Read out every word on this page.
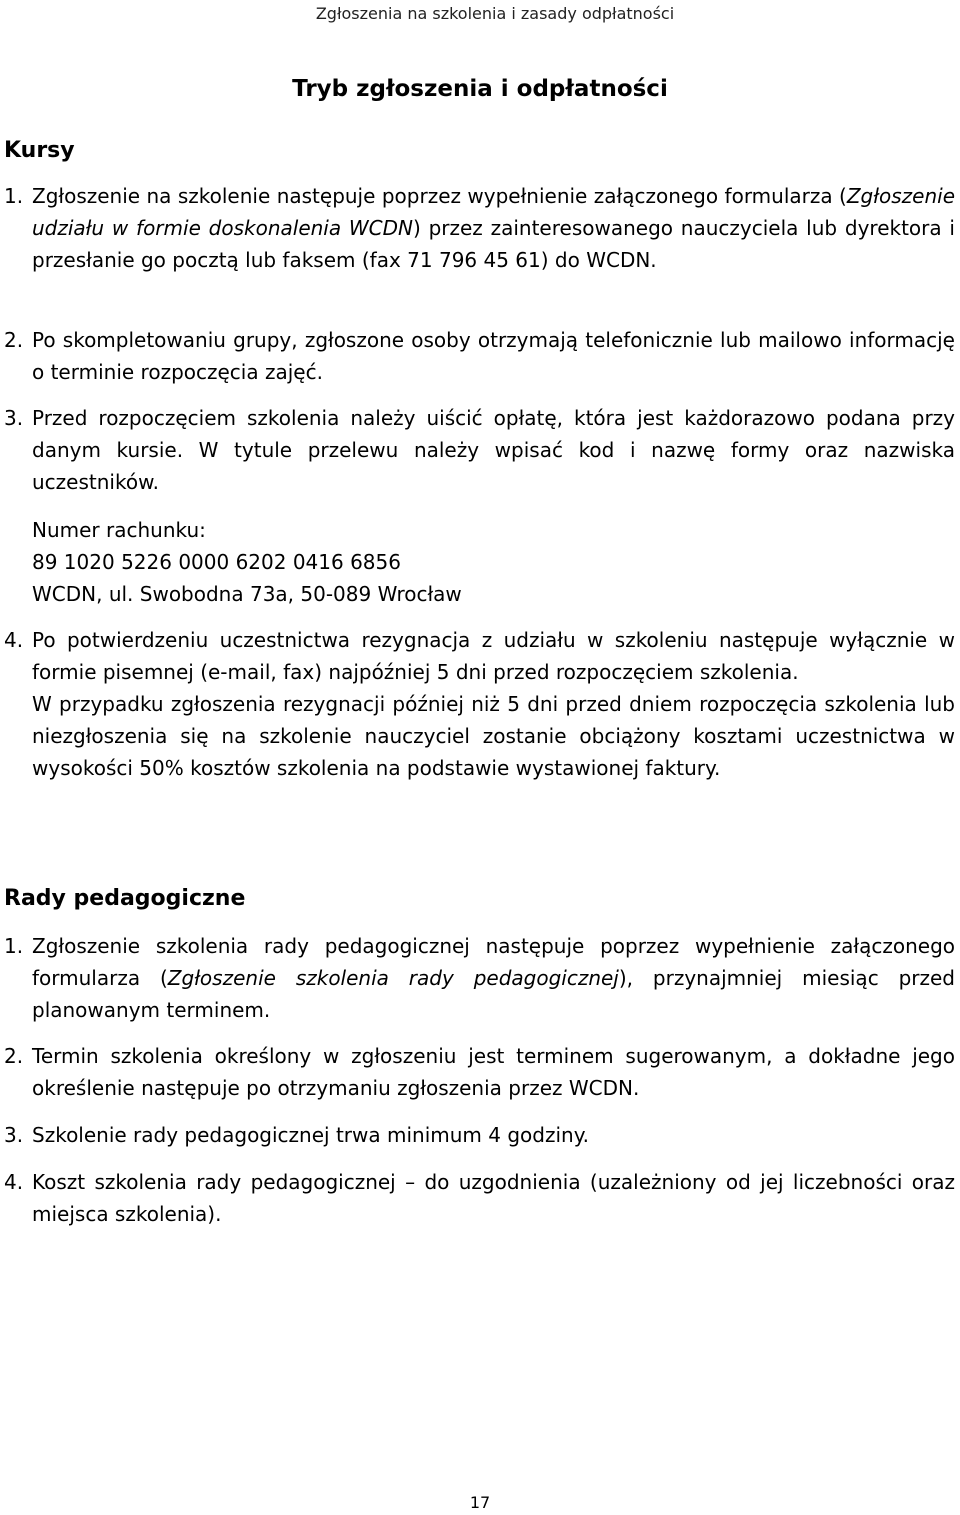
Zgłoszenia na szkolenia i zasady odpłatności
Tryb zgłoszenia i odpłatności
Kursy
1. Zgłoszenie na szkolenie następuje poprzez wypełnienie załączonego formularza (Zgłoszenie udziału w formie doskonalenia WCDN) przez zainteresowanego nauczyciela lub dyrektora i przesłanie go pocztą lub faksem (fax 71 796 45 61) do WCDN.
2. Po skompletowaniu grupy, zgłoszone osoby otrzymają telefonicznie lub mailowo informację o terminie rozpoczęcia zajęć.
3. Przed rozpoczęciem szkolenia należy uiścić opłatę, która jest każdorazowo podana przy danym kursie. W tytule przelewu należy wpisać kod i nazwę formy oraz nazwiska uczestników.
Numer rachunku:
89 1020 5226 0000 6202 0416 6856
WCDN, ul. Swobodna 73a, 50-089 Wrocław
4. Po potwierdzeniu uczestnictwa rezygnacja z udziału w szkoleniu następuje wyłącznie w formie pisemnej (e-mail, fax) najpóźniej 5 dni przed rozpoczęciem szkolenia.

W przypadku zgłoszenia rezygnacji później niż 5 dni przed dniem rozpoczęcia szkolenia lub niezgłoszenia się na szkolenie nauczyciel zostanie obciążony kosztami uczestnictwa w wysokości 50% kosztów szkolenia na podstawie wystawionej faktury.

Rady pedagogiczne
1. Zgłoszenie szkolenia rady pedagogicznej następuje poprzez wypełnienie załączonego formularza (Zgłoszenie szkolenia rady pedagogicznej), przynajmniej miesiąc przed planowanym terminem.
2. Termin szkolenia określony w zgłoszeniu jest terminem sugerowanym, a dokładne jego określenie następuje po otrzymaniu zgłoszenia przez WCDN.
3. Szkolenie rady pedagogicznej trwa minimum 4 godziny.
4. Koszt szkolenia rady pedagogicznej – do uzgodnienia (uzależniony od jej liczebności oraz miejsca szkolenia).
17
